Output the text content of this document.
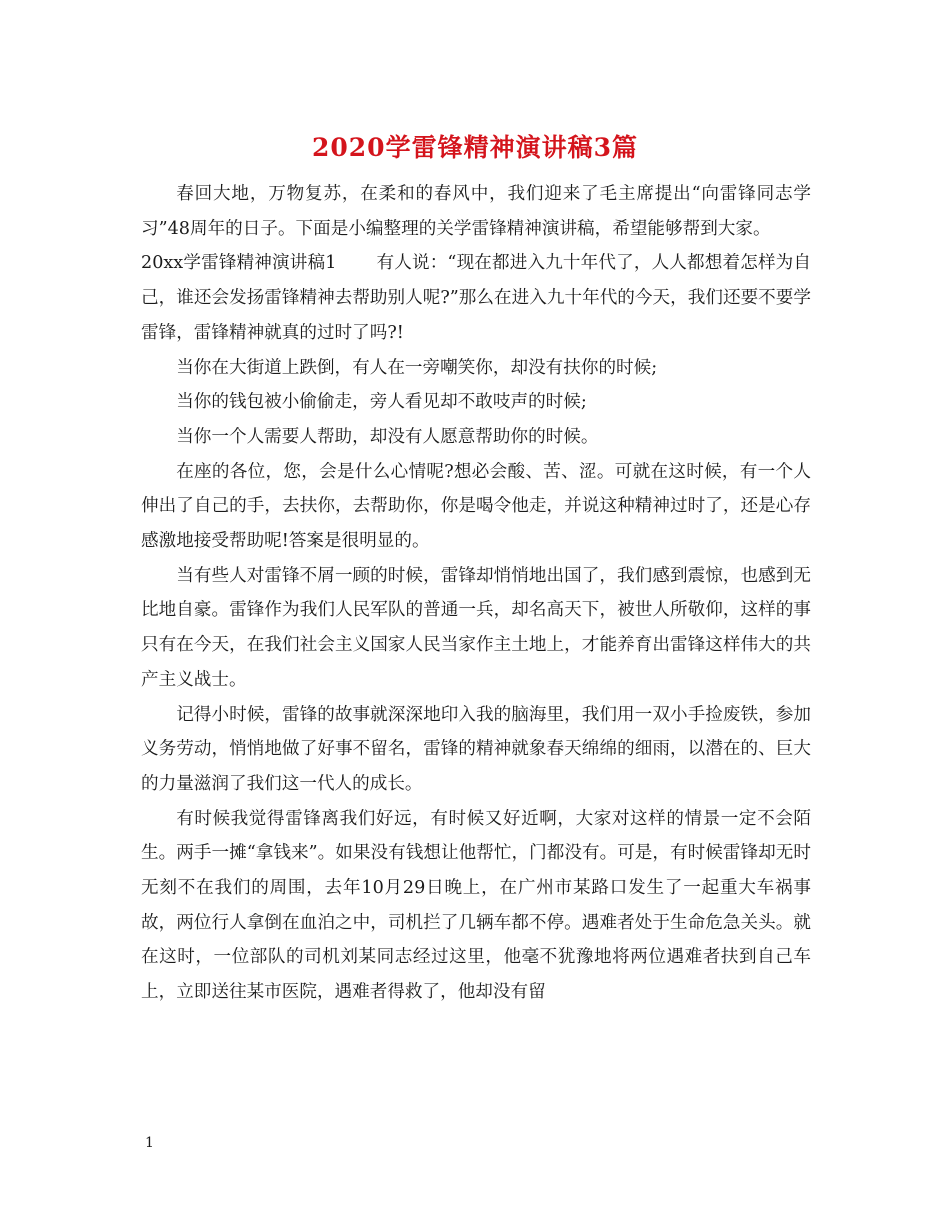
2020学雷锋精神演讲稿3篇

春回大地，万物复苏，在柔和的春风中，我们迎来了毛主席提出“向雷锋同志学习”48周年的日子。下面是小编整理的关学雷锋精神演讲稿，希望能够帮到大家。

20xx学雷锋精神演讲稿1 有人说：“现在都进入九十年代了，人人都想着怎样为自己，谁还会发扬雷锋精神去帮助别人呢?”那么在进入九十年代的今天，我们还要不要学雷锋，雷锋精神就真的过时了吗?!

当你在大街道上跌倒，有人在一旁嘲笑你，却没有扶你的时候;

当你的钱包被小偷偷走，旁人看见却不敢吱声的时候;

当你一个人需要人帮助，却没有人愿意帮助你的时候。

在座的各位，您，会是什么心情呢?想必会酸、苦、涩。可就在这时候，有一个人伸出了自己的手，去扶你，去帮助你，你是喝令他走，并说这种精神过时了，还是心存感激地接受帮助呢!答案是很明显的。

当有些人对雷锋不屑一顾的时候，雷锋却悄悄地出国了，我们感到震惊，也感到无比地自豪。雷锋作为我们人民军队的普通一兵，却名高天下，被世人所敬仰，这样的事只有在今天，在我们社会主义国家人民当家作主土地上，才能养育出雷锋这样伟大的共产主义战士。

记得小时候，雷锋的故事就深深地印入我的脑海里，我们用一双小手捡废铁，参加义务劳动，悄悄地做了好事不留名，雷锋的精神就象春天绵绵的细雨，以潜在的、巨大的力量滋润了我们这一代人的成长。

有时候我觉得雷锋离我们好远，有时候又好近啊，大家对这样的情景一定不会陌生。两手一摊“拿钱来”。如果没有钱想让他帮忙，门都没有。可是，有时候雷锋却无时无刻不在我们的周围，去年10月29日晚上，在广州市某路口发生了一起重大车祸事故，两位行人拿倒在血泊之中，司机拦了几辆车都不停。遇难者处于生命危急关头。就在这时，一位部队的司机刘某同志经过这里，他毫不犹豫地将两位遇难者扶到自己车上，立即送往某市医院，遇难者得救了，他却没有留

1
